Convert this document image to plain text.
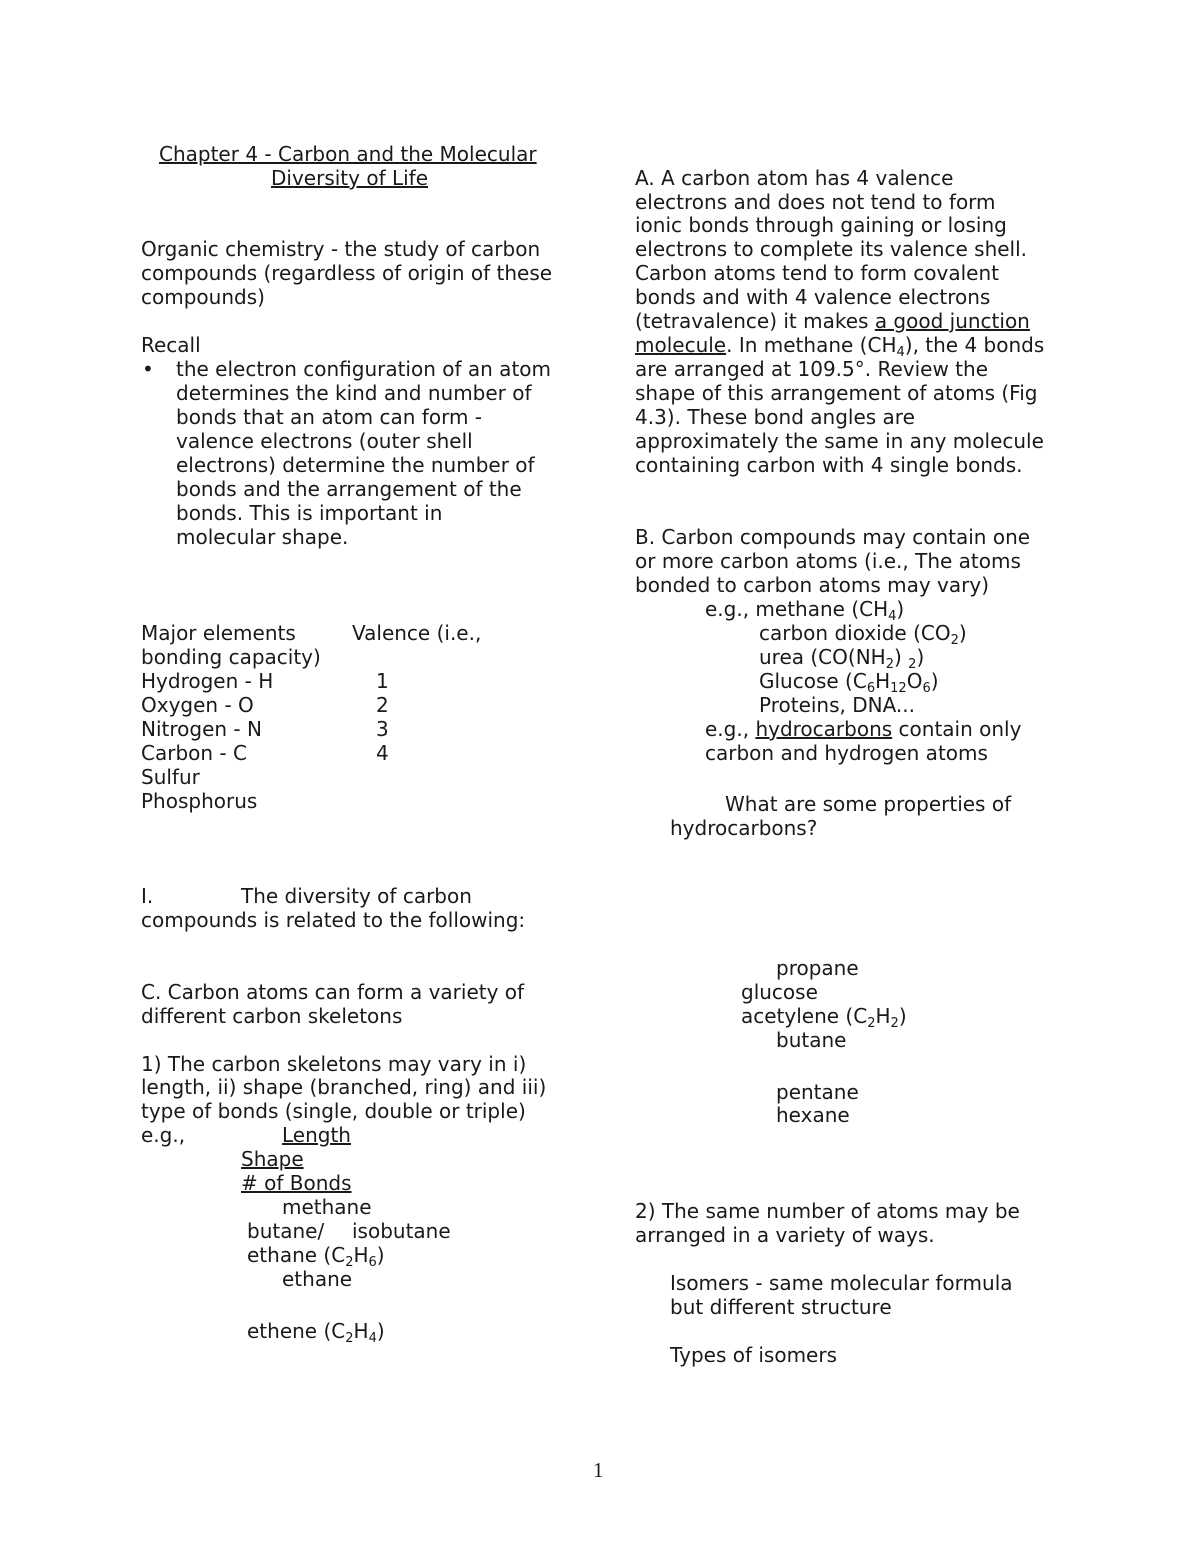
Chapter 4 - Carbon and the Molecular
Diversity of Life
Organic chemistry - the study of carbon
compounds (regardless of origin of these
compounds)
Recall
• the electron configuration of an atom
determines the kind and number of
bonds that an atom can form -
valence electrons (outer shell
electrons) determine the number of
bonds and the arrangement of the
bonds. This is important in
molecular shape.
Major elements	Valence (i.e.,
bonding capacity)
Hydrogen - H	1
Oxygen - O	2
Nitrogen - N	3
Carbon - C	4
Sulfur
Phosphorus
I.	The diversity of carbon
compounds is related to the following:
C. Carbon atoms can form a variety of
different carbon skeletons
1) The carbon skeletons may vary in i)
length, ii) shape (branched, ring) and iii)
type of bonds (single, double or triple)
e.g.,	Length
Shape
# of Bonds
methane
butane/ isobutane
ethane $(C_2H_6)$
ethane
ethene $(C_2H_4)$
A. A carbon atom has 4 valence
electrons and does not tend to form
ionic bonds through gaining or losing
electrons to complete its valence shell.
Carbon atoms tend to form covalent
bonds and with 4 valence electrons
(tetravalence) it makes a good junction
molecule. In methane $(CH_4)$, the 4 bonds
are arranged at 109.5°. Review the
shape of this arrangement of atoms (Fig
4.3). These bond angles are
approximately the same in any molecule
containing carbon with 4 single bonds.
B. Carbon compounds may contain one
or more carbon atoms (i.e., The atoms
bonded to carbon atoms may vary)
e.g., methane $(CH_4)$
carbon dioxide $(CO_2)$
urea ($CO(NH_2)$ $_2$)
Glucose $(C_6H_{12}O_6)$
Proteins, DNA...
e.g., hydrocarbons contain only
carbon and hydrogen atoms
What are some properties of
hydrocarbons?
propane
glucose
acetylene $(C_2H_2)$
butane
pentane
hexane
2) The same number of atoms may be
arranged in a variety of ways.
Isomers - same molecular formula
but different structure
Types of isomers
1
